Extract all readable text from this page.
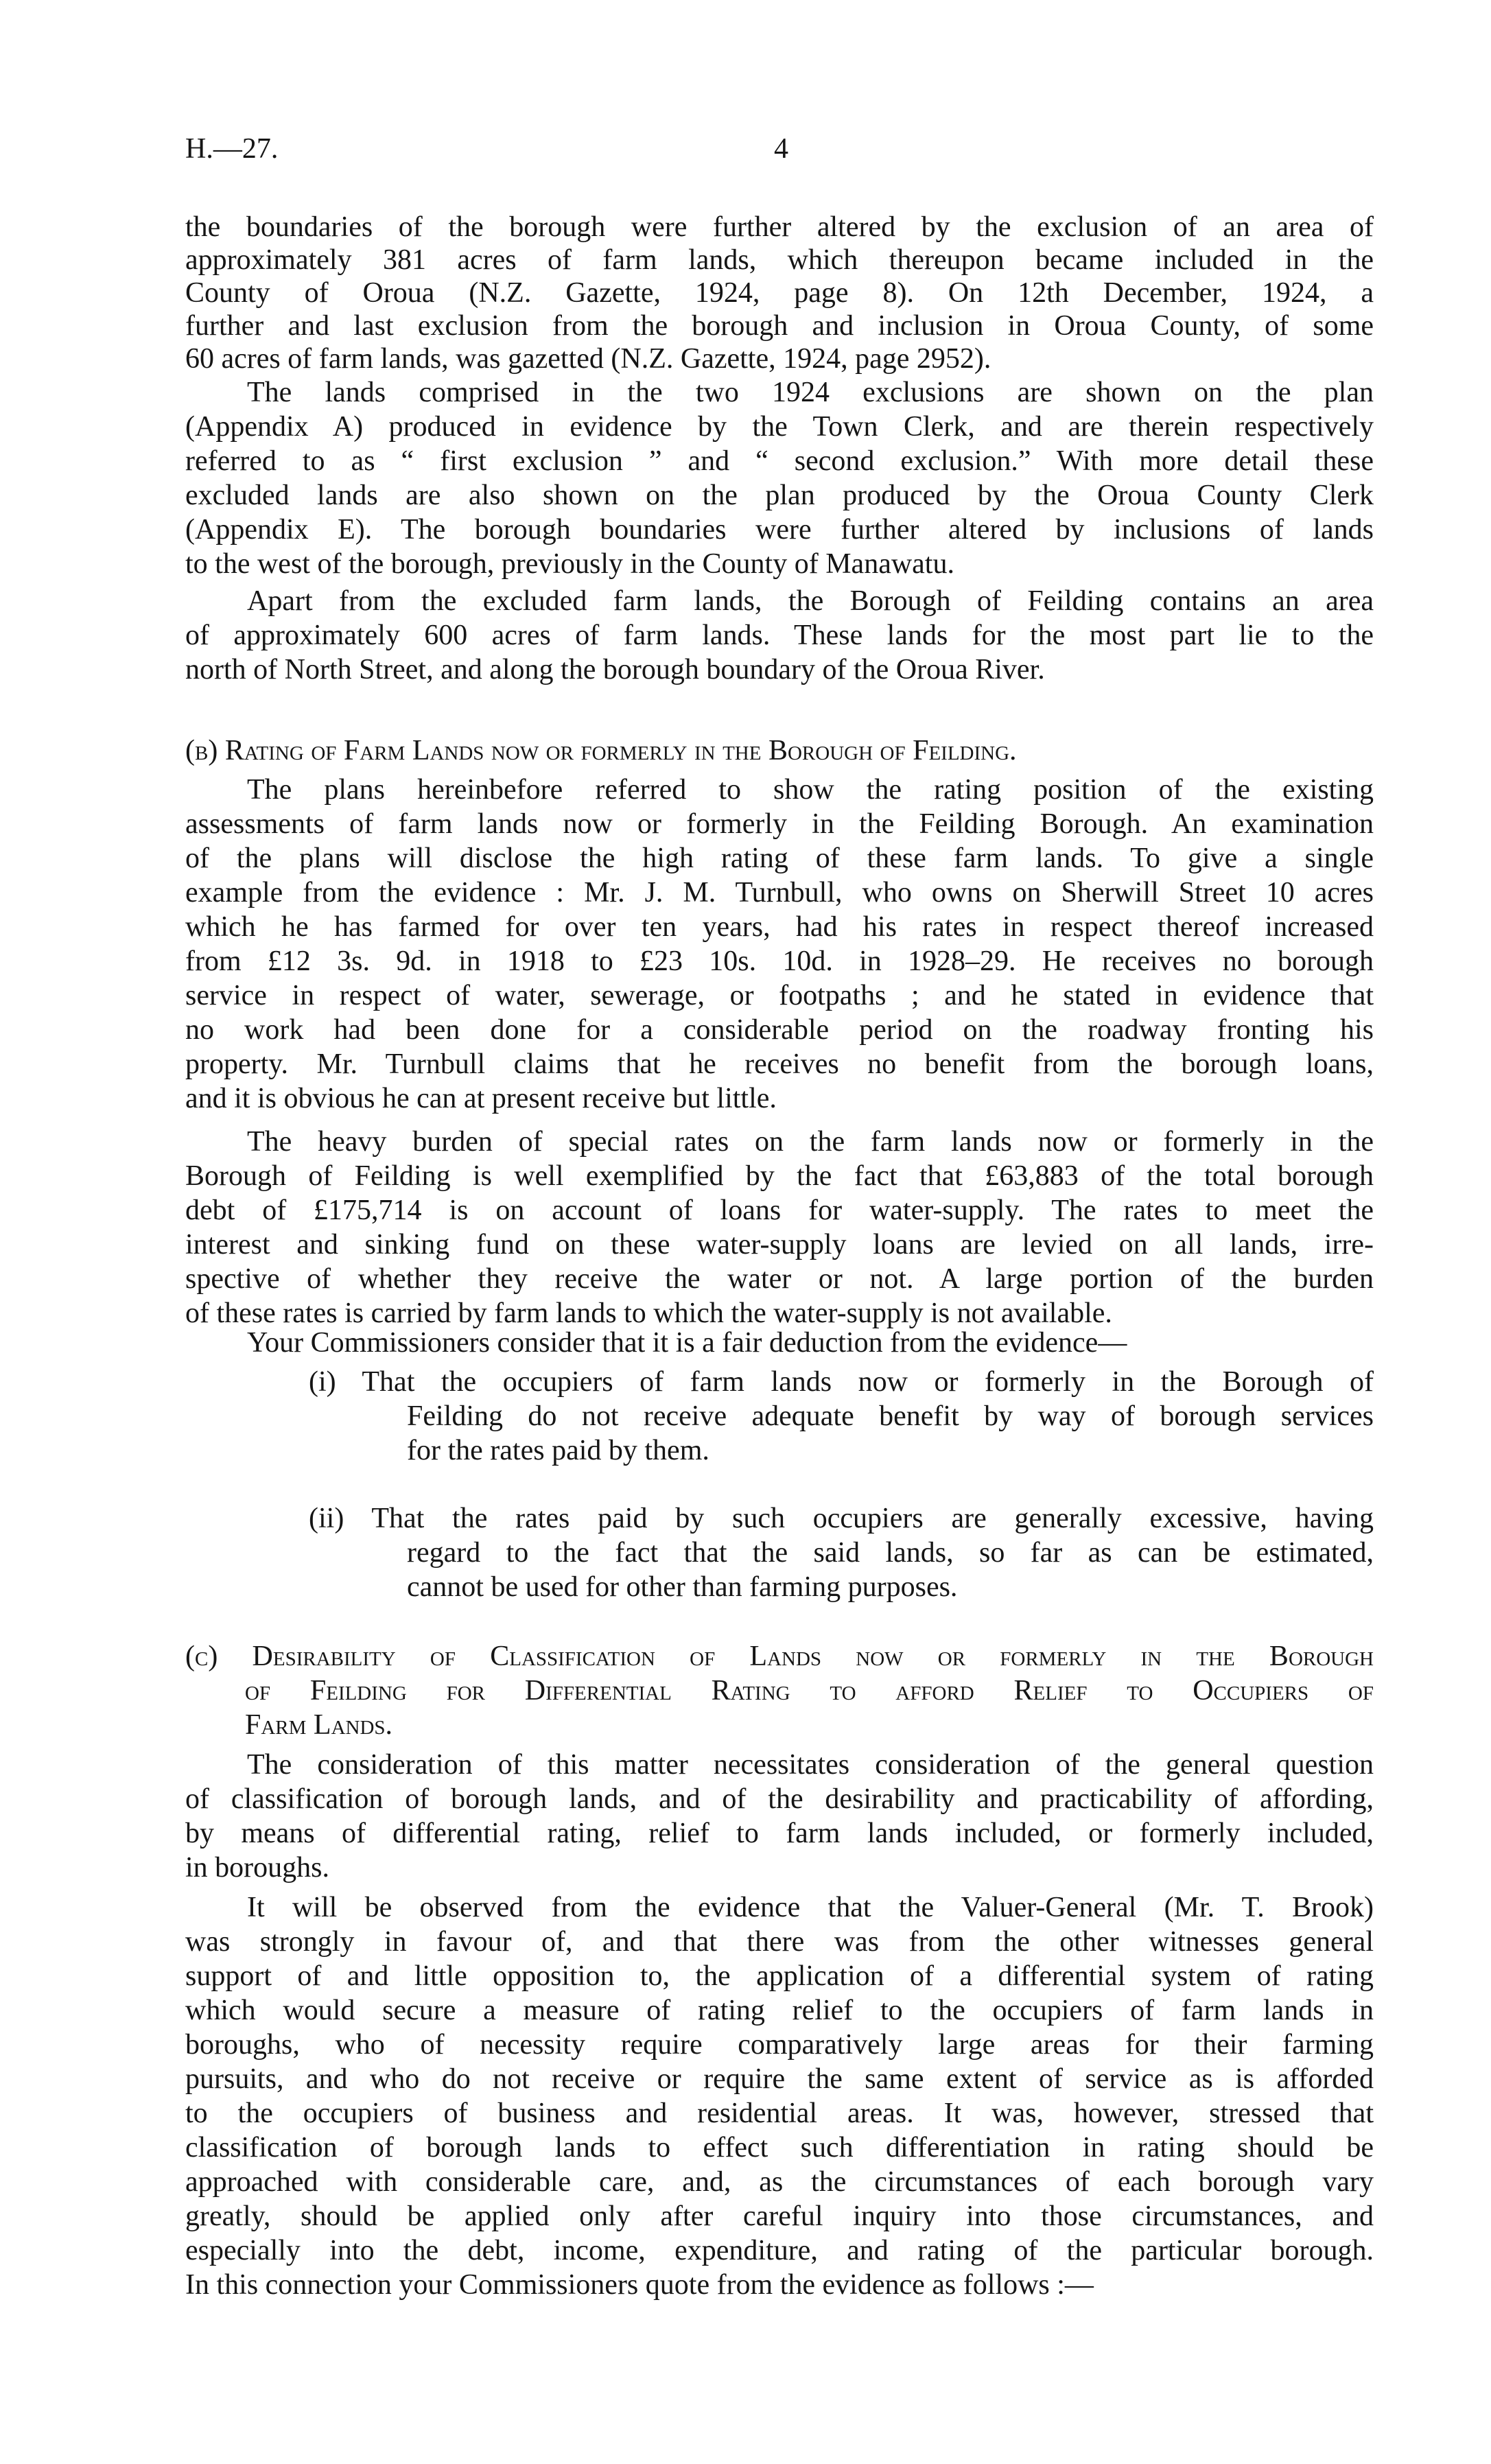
H.—27.	4
the boundaries of the borough were further altered by the exclusion of an area of
approximately 381 acres of farm lands, which thereupon became included in the
County of Oroua (N.Z. Gazette, 1924, page 8). On 12th December, 1924, a
further and last exclusion from the borough and inclusion in Oroua County, of some
60 acres of farm lands, was gazetted (N.Z. Gazette, 1924, page 2952).
The lands comprised in the two 1924 exclusions are shown on the plan
(Appendix A) produced in evidence by the Town Clerk, and are therein respectively
referred to as “ first exclusion ” and “ second exclusion.” With more detail these
excluded lands are also shown on the plan produced by the Oroua County Clerk
(Appendix E). The borough boundaries were further altered by inclusions of lands
to the west of the borough, previously in the County of Manawatu.
Apart from the excluded farm lands, the Borough of Feilding contains an area
of approximately 600 acres of farm lands. These lands for the most part lie to the
north of North Street, and along the borough boundary of the Oroua River.
(b) Rating of Farm Lands now or formerly in the Borough of Feilding.
The plans hereinbefore referred to show the rating position of the existing
assessments of farm lands now or formerly in the Feilding Borough. An examination
of the plans will disclose the high rating of these farm lands. To give a single
example from the evidence : Mr. J. M. Turnbull, who owns on Sherwill Street 10 acres
which he has farmed for over ten years, had his rates in respect thereof increased
from £12 3s. 9d. in 1918 to £23 10s. 10d. in 1928–29. He receives no borough
service in respect of water, sewerage, or footpaths ; and he stated in evidence that
no work had been done for a considerable period on the roadway fronting his
property. Mr. Turnbull claims that he receives no benefit from the borough loans,
and it is obvious he can at present receive but little.
The heavy burden of special rates on the farm lands now or formerly in the
Borough of Feilding is well exemplified by the fact that £63,883 of the total borough
debt of £175,714 is on account of loans for water-supply. The rates to meet the
interest and sinking fund on these water-supply loans are levied on all lands, irre-
spective of whether they receive the water or not. A large portion of the burden
of these rates is carried by farm lands to which the water-supply is not available.
Your Commissioners consider that it is a fair deduction from the evidence—
(i) That the occupiers of farm lands now or formerly in the Borough of
Feilding do not receive adequate benefit by way of borough services
for the rates paid by them.
(ii) That the rates paid by such occupiers are generally excessive, having
regard to the fact that the said lands, so far as can be estimated,
cannot be used for other than farming purposes.
(c) Desirability of Classification of Lands now or formerly in the Borough
of Feilding for Differential Rating to afford Relief to Occupiers of
Farm Lands.
The consideration of this matter necessitates consideration of the general question
of classification of borough lands, and of the desirability and practicability of affording,
by means of differential rating, relief to farm lands included, or formerly included,
in boroughs.
It will be observed from the evidence that the Valuer-General (Mr. T. Brook)
was strongly in favour of, and that there was from the other witnesses general
support of and little opposition to, the application of a differential system of rating
which would secure a measure of rating relief to the occupiers of farm lands in
boroughs, who of necessity require comparatively large areas for their farming
pursuits, and who do not receive or require the same extent of service as is afforded
to the occupiers of business and residential areas. It was, however, stressed that
classification of borough lands to effect such differentiation in rating should be
approached with considerable care, and, as the circumstances of each borough vary
greatly, should be applied only after careful inquiry into those circumstances, and
especially into the debt, income, expenditure, and rating of the particular borough.
In this connection your Commissioners quote from the evidence as follows :—
